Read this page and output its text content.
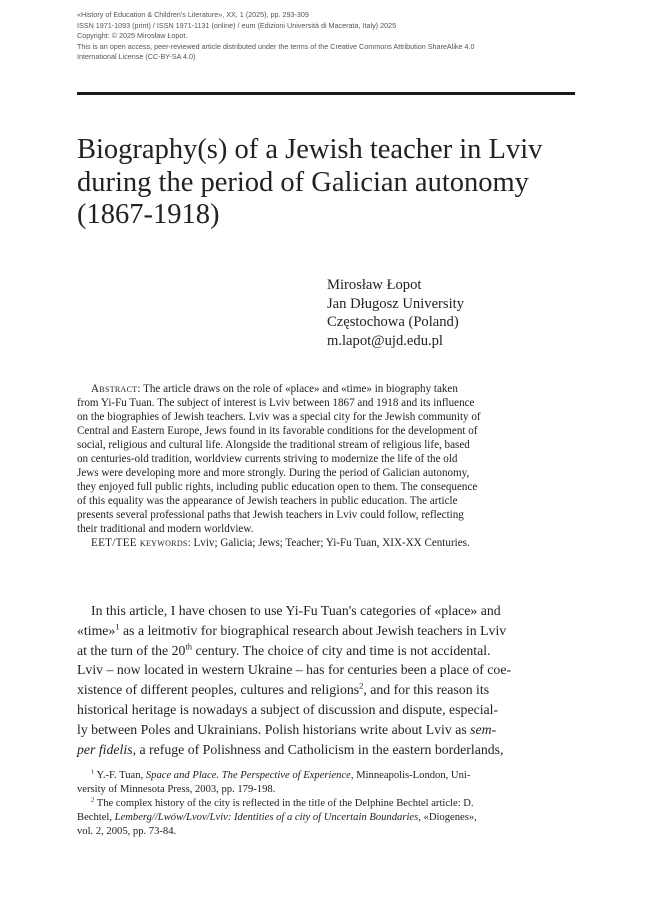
«History of Education & Children's Literature», XX, 1 (2025), pp. 293-309
ISSN 1971-1093 (print) / ISSN 1971-1131 (online) / eum (Edizioni Università di Macerata, Italy) 2025
Copyright: © 2025 Mirosław Łopot.
This is an open access, peer-reviewed article distributed under the terms of the Creative Commons Attribution ShareAlike 4.0
International License (CC-BY-SA 4.0)
Biography(s) of a Jewish teacher in Lviv
during the period of Galician autonomy
(1867-1918)
Mirosław Łopot
Jan Długosz University
Częstochowa (Poland)
m.lapot@ujd.edu.pl
Abstract: The article draws on the role of «place» and «time» in biography taken
from Yi-Fu Tuan. The subject of interest is Lviv between 1867 and 1918 and its influence
on the biographies of Jewish teachers. Lviv was a special city for the Jewish community of
Central and Eastern Europe, Jews found in its favorable conditions for the development of
social, religious and cultural life. Alongside the traditional stream of religious life, based
on centuries-old tradition, worldview currents striving to modernize the life of the old
Jews were developing more and more strongly. During the period of Galician autonomy,
they enjoyed full public rights, including public education open to them. The consequence
of this equality was the appearance of Jewish teachers in public education. The article
presents several professional paths that Jewish teachers in Lviv could follow, reflecting
their traditional and modern worldview.
EET/TEE keywords: Lviv; Galicia; Jews; Teacher; Yi-Fu Tuan, XIX-XX Centuries.
In this article, I have chosen to use Yi-Fu Tuan's categories of «place» and
«time»$^1$ as a leitmotiv for biographical research about Jewish teachers in Lviv
at the turn of the 20th century. The choice of city and time is not accidental.
Lviv – now located in western Ukraine – has for centuries been a place of coe-
xistence of different peoples, cultures and religions$^2$, and for this reason its
historical heritage is nowadays a subject of discussion and dispute, especial-
ly between Poles and Ukrainians. Polish historians write about Lviv as sem-
per fidelis, a refuge of Polishness and Catholicism in the eastern borderlands,
$^1$ Y.-F. Tuan, Space and Place. The Perspective of Experience, Minneapolis-London, Uni-
versity of Minnesota Press, 2003, pp. 179-198.
$^2$ The complex history of the city is reflected in the title of the Delphine Bechtel article: D.
Bechtel, Lemberg//Lwów/Lvov/Lviv: Identities of a city of Uncertain Boundaries, «Diogenes»,
vol. 2, 2005, pp. 73-84.
